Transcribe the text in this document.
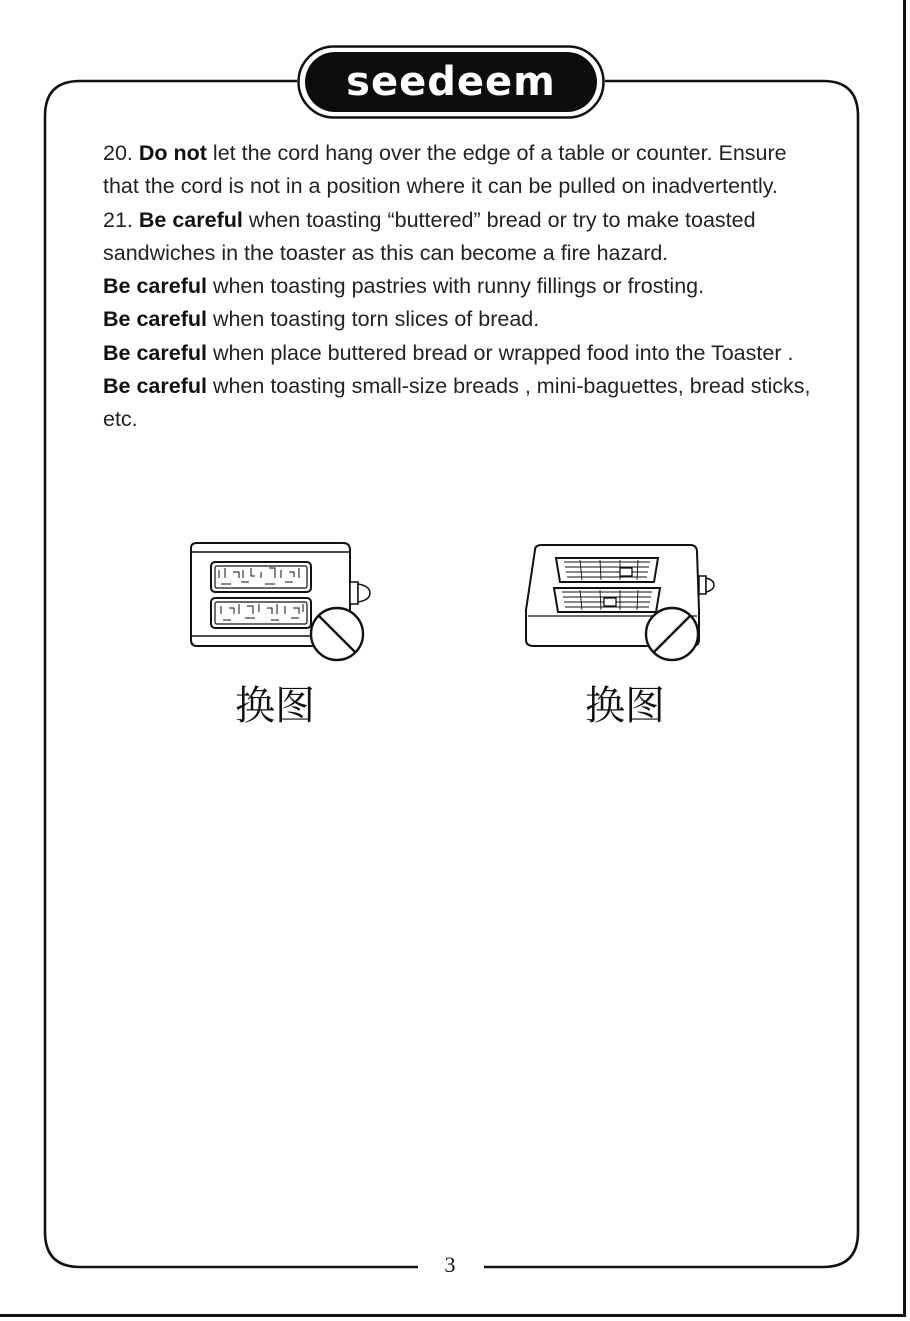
seedeem

20. Do not let the cord hang over the edge of a table or counter. Ensure that the cord is not in a position where it can be pulled on inadvertently.

21. Be careful when toasting “buttered” bread or try to make toasted sandwiches in the toaster as this can become a fire hazard.

Be careful when toasting pastries with runny fillings or frosting.

Be careful when toasting torn slices of bread.

Be careful when place buttered bread or wrapped food into the Toaster .

Be careful when toasting small-size breads , mini-baguettes, bread sticks, etc.

换图	换图
3
